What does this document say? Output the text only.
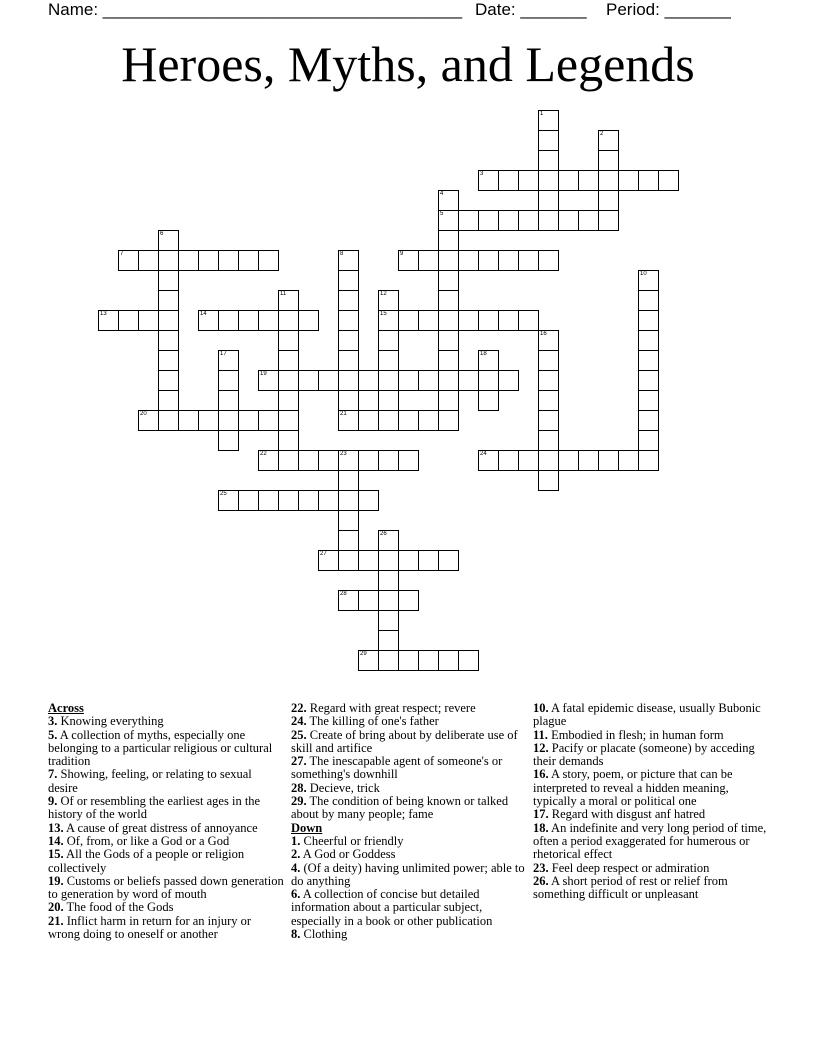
Name: ______________________________________ Date: _______ Period: _______
Heroes, Myths, and Legends
1
2
3
4
5
6
7	8
21
9
10
11	12
15
13	14
16
17	18
19
20
22	23	24
25
26
27
28
29
Across
3. Knowing everything
5. A collection of myths, especially one belonging to a particular religious or cultural tradition
7. Showing, feeling, or relating to sexual desire
9. Of or resembling the earliest ages in the history of the world
13. A cause of great distress of annoyance
14. Of, from, or like a God or a God
15. All the Gods of a people or religion collectively
19. Customs or beliefs passed down generation to generation by word of mouth
20. The food of the Gods
21. Inflict harm in return for an injury or wrong doing to oneself or another
22. Regard with great respect; revere
24. The killing of one's father
25. Create of bring about by deliberate use of skill and artifice
27. The inescapable agent of someone's or something's downhill
28. Decieve, trick
29. The condition of being known or talked about by many people; fame
Down
1. Cheerful or friendly
2. A God or Goddess
4. (Of a deity) having unlimited power; able to do anything
6. A collection of concise but detailed information about a particular subject, especially in a book or other publication
8. Clothing
10. A fatal epidemic disease, usually Bubonic plague
11. Embodied in flesh; in human form
12. Pacify or placate (someone) by acceding their demands
16. A story, poem, or picture that can be interpreted to reveal a hidden meaning, typically a moral or political one
17. Regard with disgust anf hatred
18. An indefinite and very long period of time, often a period exaggerated for humerous or rhetorical effect
23. Feel deep respect or admiration
26. A short period of rest or relief from something difficult or unpleasant
